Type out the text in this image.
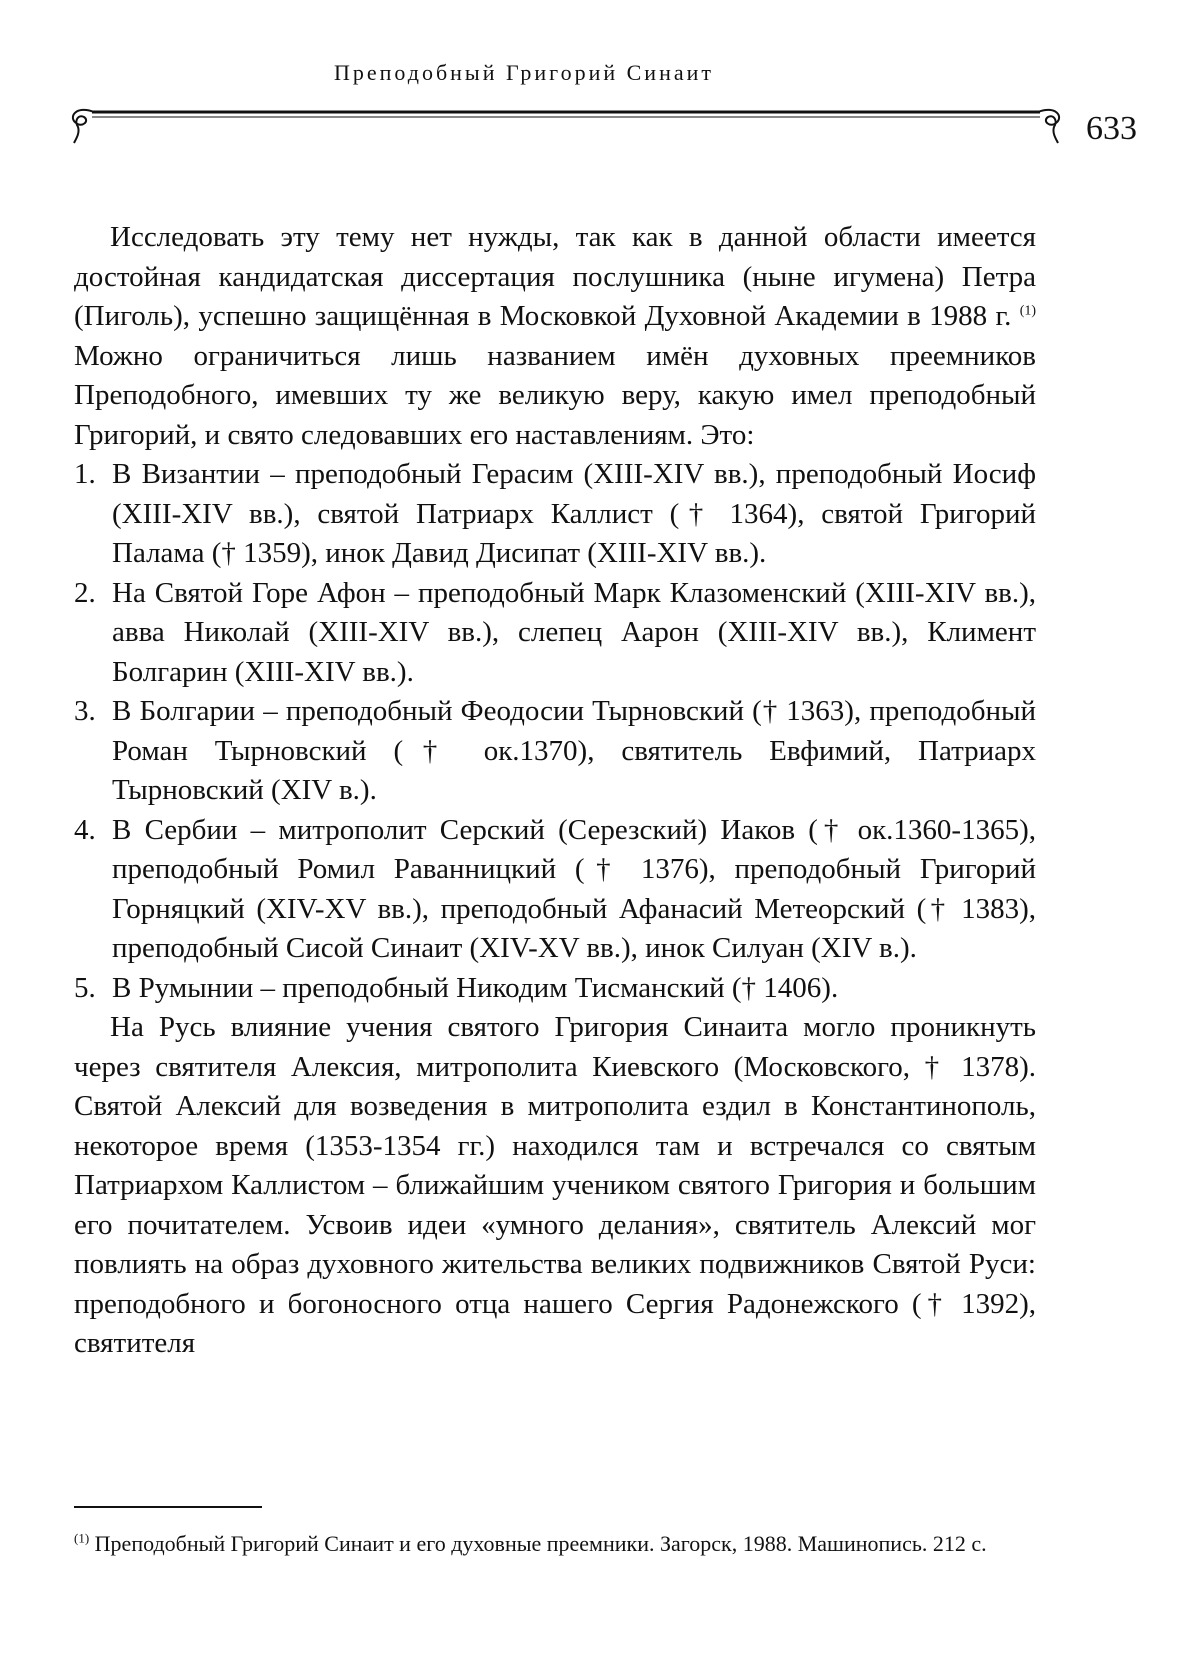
Преподобный Григорий Синаит
633

Исследовать эту тему нет нужды, так как в данной области имеется достойная кандидатская диссертация послушника (ныне игумена) Петра (Пиголь), успешно защищённая в Московкой Духовной Академии в 1988 г. $^{(1)}$ Можно ограничиться лишь названием имён духовных преемников Преподобного, имевших ту же великую веру, какую имел преподобный Григорий, и свято следовавших его наставлениям. Это:

1. В Византии – преподобный Герасим (XIII-XIV вв.), преподобный Иосиф (XIII-XIV вв.), святой Патриарх Каллист († 1364), святой Григорий Палама († 1359), инок Давид Дисипат (XIII-XIV вв.).
2. На Святой Горе Афон – преподобный Марк Клазоменский (XIII-XIV вв.), авва Николай (XIII-XIV вв.), слепец Аарон (XIII-XIV вв.), Климент Болгарин (XIII-XIV вв.).
3. В Болгарии – преподобный Феодосии Тырновский († 1363), преподобный Роман Тырновский († ок.1370), святитель Евфимий, Патриарх Тырновский (XIV в.).
4. В Сербии – митрополит Серский (Серезский) Иаков († ок.1360-1365), преподобный Ромил Раванницкий († 1376), преподобный Григорий Горняцкий (XIV-XV вв.), преподобный Афанасий Метеорский († 1383), преподобный Сисой Синаит (XIV-XV вв.), инок Силуан (XIV в.).
5. В Румынии – преподобный Никодим Тисманский († 1406).

На Русь влияние учения святого Григория Синаита могло проникнуть через святителя Алексия, митрополита Киевского (Московского, † 1378). Святой Алексий для возведения в митрополита ездил в Константинополь, некоторое время (1353-1354 гг.) находился там и встречался со святым Патриархом Каллистом – ближайшим учеником святого Григория и большим его почитателем. Усвоив идеи «умного делания», святитель Алексий мог повлиять на образ духовного жительства великих подвижников Святой Руси: преподобного и богоносного отца нашего Сергия Радонежского († 1392), святителя

$^{(1)}$ Преподобный Григорий Синаит и его духовные преемники. Загорск, 1988. Машинопись. 212 с.
